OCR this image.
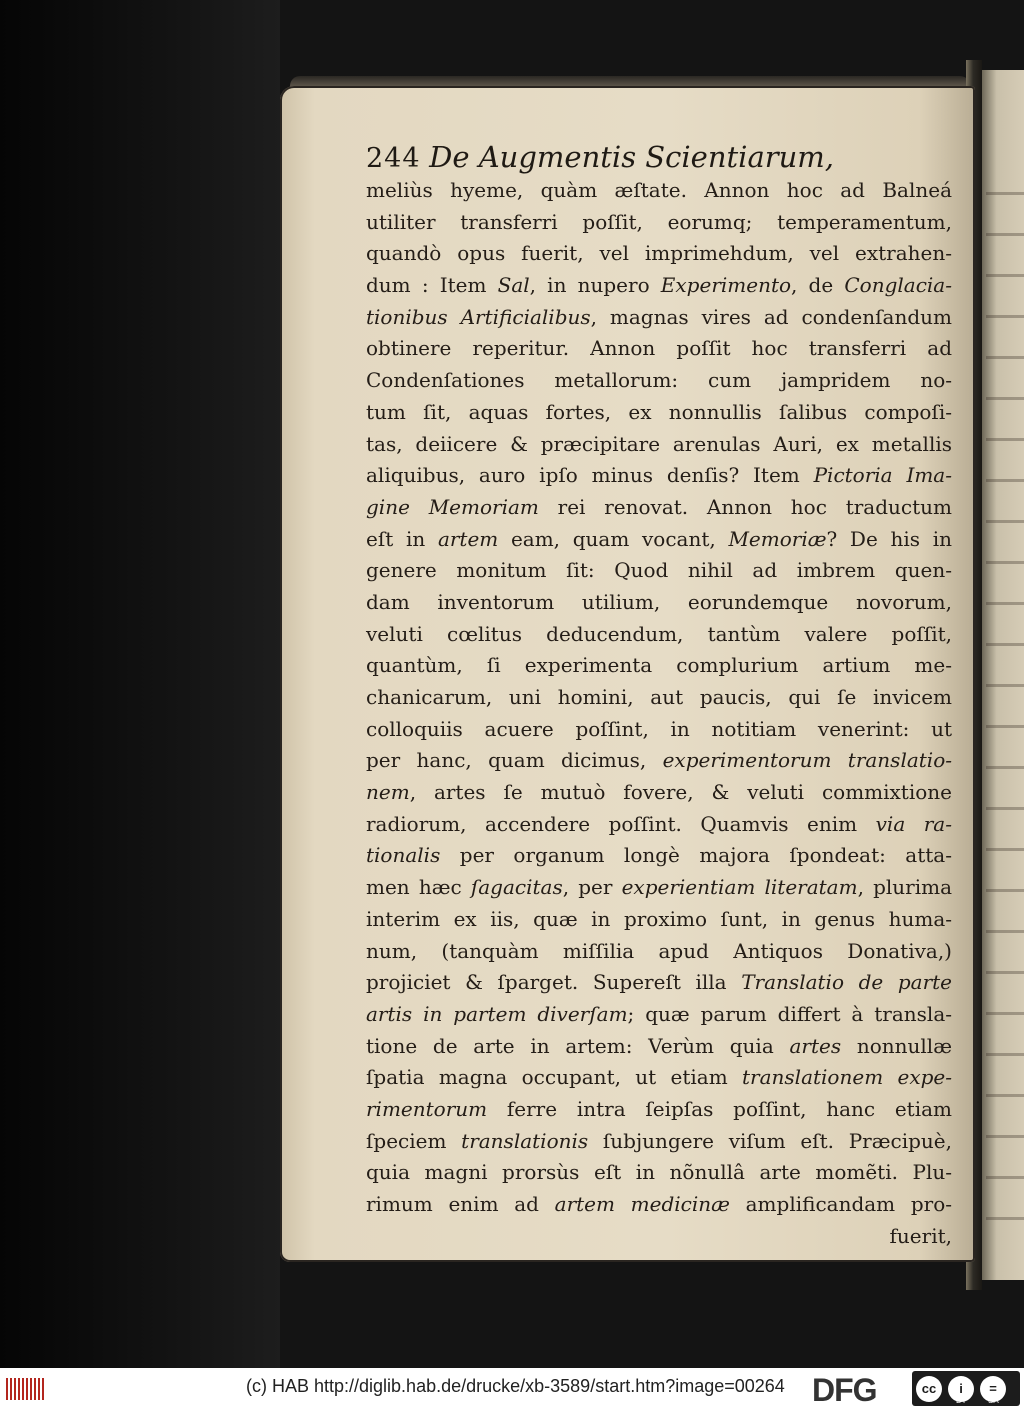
244 De Augmentis Scientiarum,
meliùs hyeme, quàm æſtate. Annon hoc ad Balneá
utiliter transferri poſſit, eorumq; temperamentum,
quandò opus fuerit, vel imprimehdum, vel extrahen-
dum : Item Sal, in nupero Experimento, de Conglacia-
tionibus Artificialibus, magnas vires ad condenſandum
obtinere reperitur. Annon poſſit hoc transferri ad
Condenſationes metallorum: cum jampridem no-
tum ſit, aquas fortes, ex nonnullis ſalibus compoſi-
tas, deiicere & præcipitare arenulas Auri, ex metallis
aliquibus, auro ipſo minus denſis? Item Pictoria Ima-
gine Memoriam rei renovat. Annon hoc traductum
eſt in artem eam, quam vocant, Memoriæ? De his in
genere monitum ſit: Quod nihil ad imbrem quen-
dam inventorum utilium, eorundemque novorum,
veluti cœlitus deducendum, tantùm valere poſſit,
quantùm, ſi experimenta complurium artium me-
chanicarum, uni homini, aut paucis, qui ſe invicem
colloquiis acuere poſſint, in notitiam venerint: ut
per hanc, quam dicimus, experimentorum translatio-
nem, artes ſe mutuò fovere, & veluti commixtione
radiorum, accendere poſſint. Quamvis enim via ra-
tionalis per organum longè majora ſpondeat: atta-
men hæc ſagacitas, per experientiam literatam, plurima
interim ex iis, quæ in proximo ſunt, in genus huma-
num, (tanquàm miſſilia apud Antiquos Donativa,)
projiciet & ſparget. Supereſt illa Translatio de parte
artis in partem diverſam; quæ parum differt à transla-
tione de arte in artem: Verùm quia artes nonnullæ
ſpatia magna occupant, ut etiam translationem expe-
rimentorum ferre intra ſeipſas poſſint, hanc etiam
ſpeciem translationis ſubjungere viſum eſt. Præcipuè,
quia magni prorsùs eſt in nõnullâ arte momẽti. Plu-
rimum enim ad artem medicinæ amplificandam pro-
fuerit,
(c) HAB http://diglib.hab.de/drucke/xb-3589/start.htm?image=00264 DFG	cc	i	=
BY	SA
